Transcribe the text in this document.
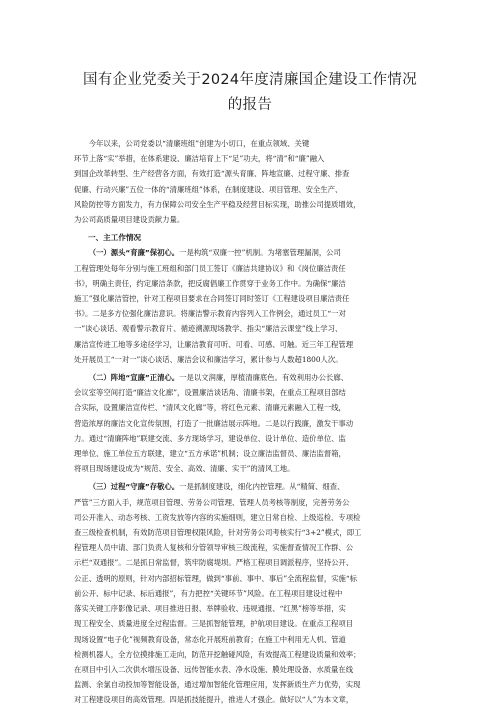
国有企业党委关于2024年度清廉国企建设工作情况
的报告
今年以来，公司党委以“清廉班组”创建为小切口，在重点领域、关键
环节上落“实”举措，在体系建设、廉洁培育上下“足”功夫，将“清”和“廉”融入
到国企改革转型、生产经营各方面，有效打造“源头育廉、阵地宣廉、过程守廉、排查
促廉、行动兴廉”五位一体的“清廉班组”体系，在制度建设、项目管理、安全生产、
风险防控等方面发力，有力保障公司安全生产平稳及经营目标实现，助推公司提质增效，
为公司高质量项目建设贡献力量。
一、主工作情况
（一）源头“育廉”保初心。一是构筑“双廉一控”机制。为堵塞管理漏洞，公司
工程管理处每年分别与施工班组和部门员工签订《廉洁共建协议》和《岗位廉洁责任
书》，明确主责任，约定廉洁条款，把反腐倡廉工作贯穿于业务工作中。为确保“廉洁
施工”强化廉洁管控，针对工程项目要求在合同签订同时签订《工程建设项目廉洁责任
书》。二是多方位强化廉洁意识。将廉洁警示教育内容列入工作例会，通过员工“一对
一”谈心谈话、观看警示教育片、循迹溯源现场教学、指尖“廉洁云课堂”线上学习、
廉洁宣传进工地等多途径学习，让廉洁教育可听、可看、可感、可触。近三年工程管理
处开展员工“一对一”谈心谈话、廉洁会议和廉洁学习，累计参与人数超1800人次。
（二）阵地“宣廉”正清心。一是以文润廉，厚植清廉底色。有效利用办公长廊、
会议室等空间打造“廉洁文化廊”，设置廉洁谈话角、清廉书架，在重点工程项目部结
合实际，设置廉洁宣传栏、“清风文化廊”等，将红色元素、清廉元素融入工程一线，
营造浓厚的廉洁文化宣传氛围，打造了一批廉洁展示阵地。二是以行践廉，激发干事动
力。通过“清廉阵地”联建交流、多方现场学习，建设单位、设计单位、造价单位、监
理单位、施工单位五方联建，建立“五方承诺”机制；设立廉洁监督员、廉洁监督箱，
将项目现场建设成为“规范、安全、高效、清廉、实干”的清风工地。
（三）过程“守廉”存敬心。一是抓制度建设，细化内控管理。从“精简、细查、
严管”三方面入手，规范项目管理、劳务公司管理、管理人员考核等制度，完善劳务公
司公开准入、动态考核、工资发放等内容的实施细则，建立日常自检、上级巡检、专项检
查三级检查机制，有效防范项目管理权限风险，针对劳务公司考核实行“3+2”模式，即工
程管理人员中请、部门负责人复核和分管领导审核三级流程，实施督查情况工作群、公
示栏“双通报”。二是抓日常监督，筑牢防腐堤坝。严格工程项目调派程序，坚持公开、
公正、透明的原则，针对内部招标管理，做到“事前、事中、事后”全流程监督，实施“标
前公开、标中记录、标后通报”，有力把控“关键环节”风险。在工程项目建设过程中
落实关键工序影像记录、项目推进日报、举牌验收、违规通报、“红黑”榜等举措，实
现工程安全、质量进度全过程监督。三是抓智能管理，护航项目建设。在重点工程项目
现场设置“电子化”视频教育设备，常态化开展班前教育；在施工中利用无人机、管道
检测机器人，全方位摸排施工走向，防范开挖触碰风险，有效提高工程建设质量和效率；
在项目中引入二次供水增压设备、远传智能水表、净水设施、膜处理设备、水质量在线
监测、余氯自动投加等智能设备，通过增加智能化管理应用，发挥新质生产力优势，实现
对工程建设项目的高效管理。四是抓技能提升，推进人才强企。做好以“人”为本文章，
